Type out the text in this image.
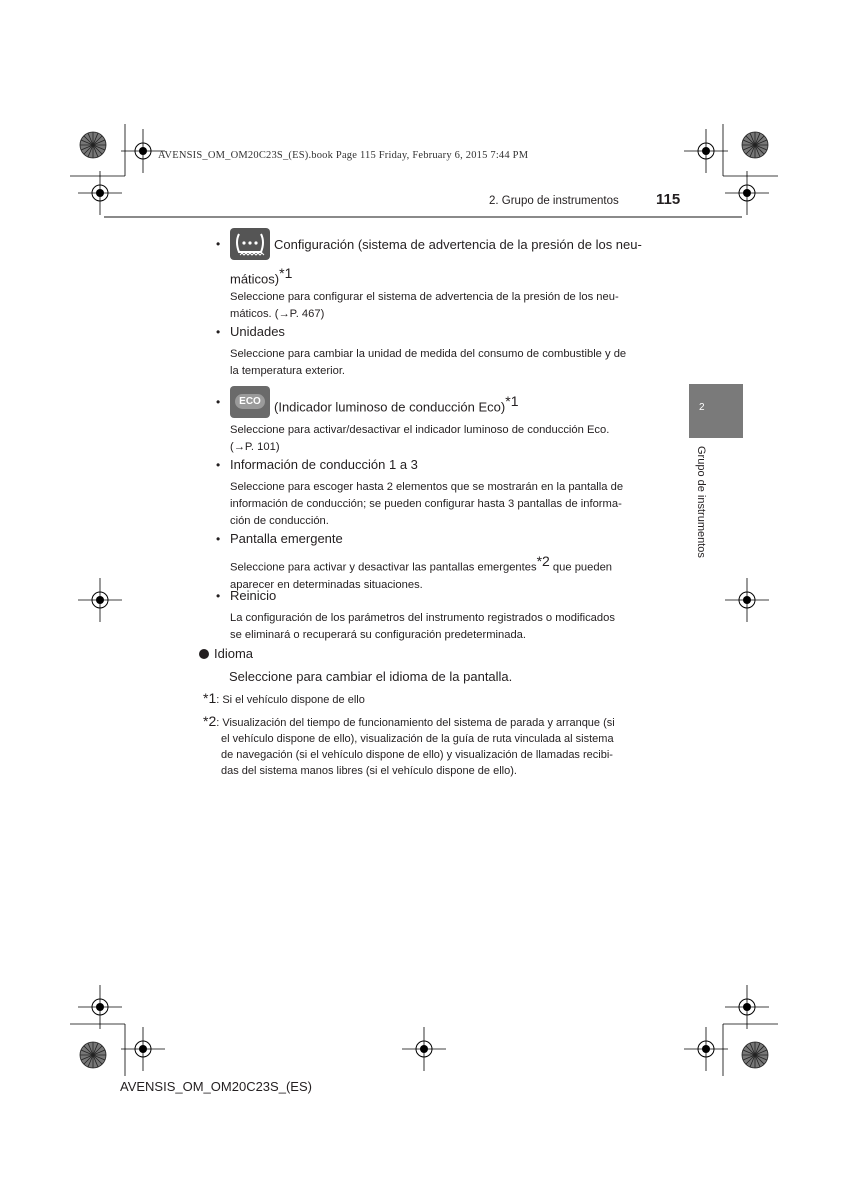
AVENSIS_OM_OM20C23S_(ES).book Page 115 Friday, February 6, 2015 7:44 PM
2. Grupo de instrumentos 115
2
Grupo de instrumentos
•	Configuración (sistema de advertencia de la presión de los neu-
máticos)$^{*1}$
Seleccione para configurar el sistema de advertencia de la presión de los neu-
máticos. (→P. 467)
• Unidades
Seleccione para cambiar la unidad de medida del consumo de combustible y de
la temperatura exterior.
•	ECO	(Indicador luminoso de conducción Eco)$^{*1}$
Seleccione para activar/desactivar el indicador luminoso de conducción Eco.
(→P. 101)
• Información de conducción 1 a 3
Seleccione para escoger hasta 2 elementos que se mostrarán en la pantalla de
información de conducción; se pueden configurar hasta 3 pantallas de informa-
ción de conducción.
• Pantalla emergente
Seleccione para activar y desactivar las pantallas emergentes$^{*2}$ que pueden
aparecer en determinadas situaciones.
• Reinicio
La configuración de los parámetros del instrumento registrados o modificados
se eliminará o recuperará su configuración predeterminada.
Idioma
Seleccione para cambiar el idioma de la pantalla.
*1: Si el vehículo dispone de ello
*2: Visualización del tiempo de funcionamiento del sistema de parada y arranque (si
el vehículo dispone de ello), visualización de la guía de ruta vinculada al sistema
de navegación (si el vehículo dispone de ello) y visualización de llamadas recibi-
das del sistema manos libres (si el vehículo dispone de ello).
AVENSIS_OM_OM20C23S_(ES)
